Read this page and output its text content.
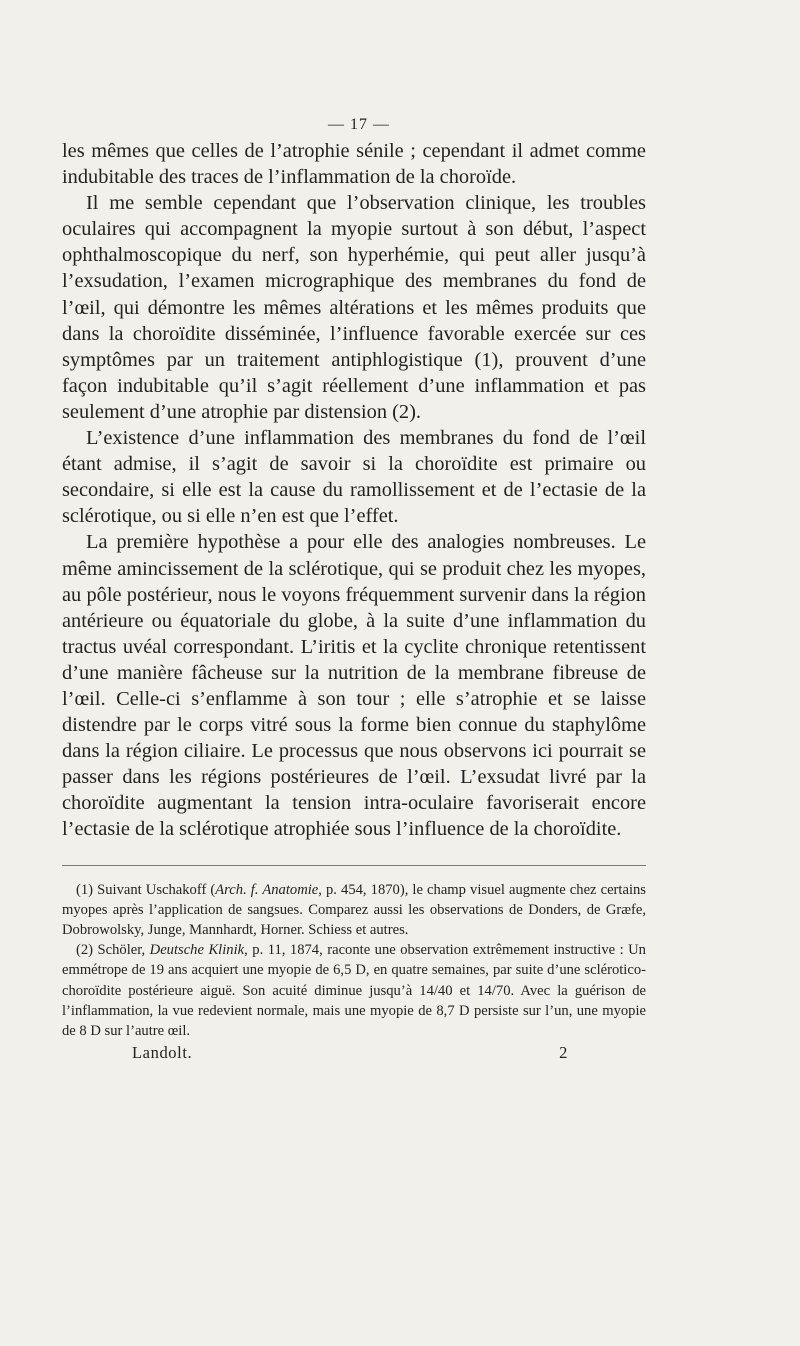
— 17 —

les mêmes que celles de l’atrophie sénile ; cependant il admet comme indubitable des traces de l’inflammation de la choroïde.

Il me semble cependant que l’observation clinique, les troubles oculaires qui accompagnent la myopie surtout à son début, l’aspect ophthalmoscopique du nerf, son hyperhémie, qui peut aller jusqu’à l’exsudation, l’examen micrographique des membranes du fond de l’œil, qui démontre les mêmes altérations et les mêmes produits que dans la choroïdite disséminée, l’influence favorable exercée sur ces symptômes par un traitement antiphlogistique (1), prouvent d’une façon indubitable qu’il s’agit réellement d’une inflammation et pas seulement d’une atrophie par distension (2).

L’existence d’une inflammation des membranes du fond de l’œil étant admise, il s’agit de savoir si la choroïdite est primaire ou secondaire, si elle est la cause du ramollissement et de l’ectasie de la sclérotique, ou si elle n’en est que l’effet.

La première hypothèse a pour elle des analogies nombreuses. Le même amincissement de la sclérotique, qui se produit chez les myopes, au pôle postérieur, nous le voyons fréquemment survenir dans la région antérieure ou équatoriale du globe, à la suite d’une inflammation du tractus uvéal correspondant. L’iritis et la cyclite chronique retentissent d’une manière fâcheuse sur la nutrition de la membrane fibreuse de l’œil. Celle-ci s’enflamme à son tour ; elle s’atrophie et se laisse distendre par le corps vitré sous la forme bien connue du staphylôme dans la région ciliaire. Le processus que nous observons ici pourrait se passer dans les régions postérieures de l’œil. L’exsudat livré par la choroïdite augmentant la tension intra-oculaire favoriserait encore l’ectasie de la sclérotique atrophiée sous l’influence de la choroïdite.

(1) Suivant Uschakoff (Arch. f. Anatomie, p. 454, 1870), le champ visuel augmente chez certains myopes après l’application de sangsues. Comparez aussi les observations de Donders, de Græfe, Dobrowolsky, Junge, Mannhardt, Horner. Schiess et autres.

(2) Schöler, Deutsche Klinik, p. 11, 1874, raconte une observation extrêmement instructive : Un emmétrope de 19 ans acquiert une myopie de 6,5 D, en quatre semaines, par suite d’une sclérotico-choroïdite postérieure aiguë. Son acuité diminue jusqu’à 14/40 et 14/70. Avec la guérison de l’inflammation, la vue redevient normale, mais une myopie de 8,7 D persiste sur l’un, une myopie de 8 D sur l’autre œil.

Landolt.	2
